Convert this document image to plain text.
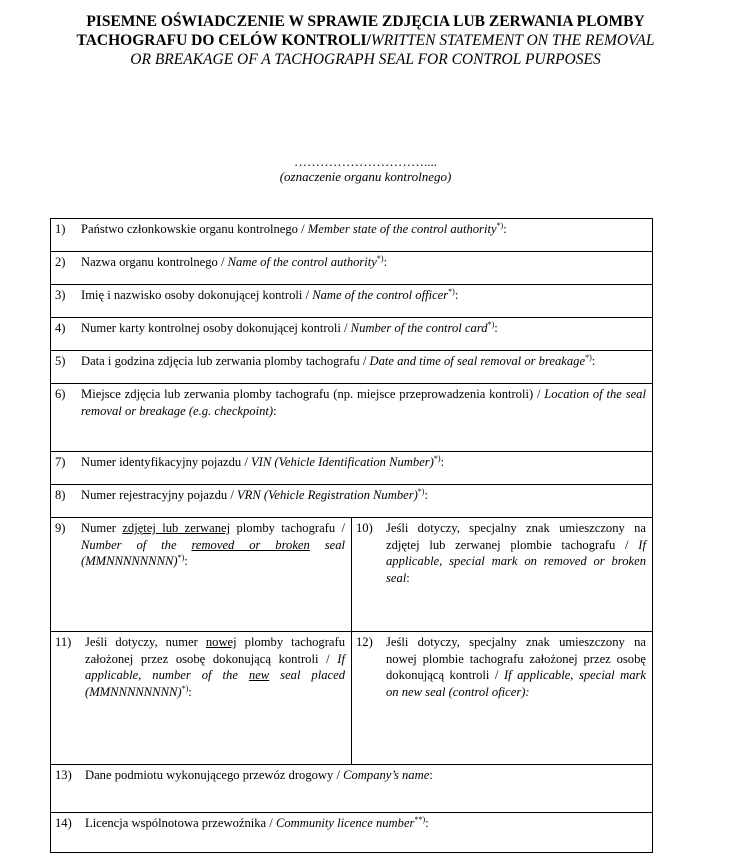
PISEMNE OŚWIADCZENIE W SPRAWIE ZDJĘCIA LUB ZERWANIA PLOMBY
TACHOGRAFU DO CELÓW KONTROLI/WRITTEN STATEMENT ON THE REMOVAL
OR BREAKAGE OF A TACHOGRAPH SEAL FOR CONTROL PURPOSES
…………………………....
(oznaczenie organu kontrolnego)
1) Państwo członkowskie organu kontrolnego / Member state of the control authority*):	

2) Nazwa organu kontrolnego / Name of the control authority*):	

3) Imię i nazwisko osoby dokonującej kontroli / Name of the control officer*):	

4) Numer karty kontrolnej osoby dokonującej kontroli / Number of the control card*):	

5) Data i godzina zdjęcia lub zerwania plomby tachografu / Date and time of seal removal or breakage*):	

6) Miejsce zdjęcia lub zerwania plomby tachografu (np. miejsce przeprowadzenia kontroli) / Location of the seal removal or breakage (e.g. checkpoint):	

7) Numer identyfikacyjny pojazdu / VIN (Vehicle Identification Number)*):	

8) Numer rejestracyjny pojazdu / VRN (Vehicle Registration Number)*):	

9) Numer zdjętej lub zerwanej plomby tachografu / Number of the removed or broken seal (MMNNNNNNNN)*):	10) Jeśli dotyczy, specjalny znak umieszczony na zdjętej lub zerwanej plombie tachografu / If applicable, special mark on removed or broken seal:

11) Jeśli dotyczy, numer nowej plomby tachografu założonej przez osobę dokonującą kontroli / If applicable, number of the new seal placed (MMNNNNNNNN)*):	12) Jeśli dotyczy, specjalny znak umieszczony na nowej plombie tachografu założonej przez osobę dokonującą kontroli / If applicable, special mark on new seal (control oficer):

13) Dane podmiotu wykonującego przewóz drogowy / Company’s name:	

14) Licencja wspólnotowa przewoźnika / Community licence number**):	
